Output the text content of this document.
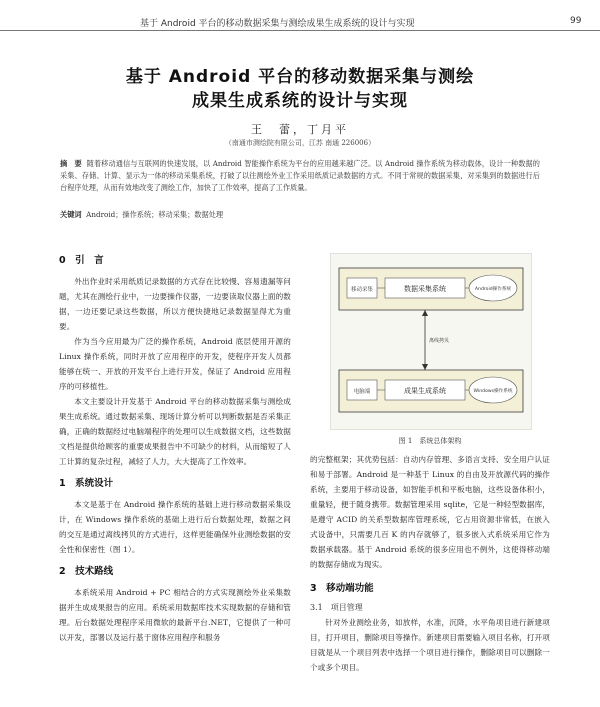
基于 Android 平台的移动数据采集与测绘成果生成系统的设计与实现	99
基于 Android 平台的移动数据采集与测绘
成果生成系统的设计与实现
王　蕾，丁月平
（南通市测绘院有限公司，江苏 南通 226006）
摘　要 随着移动通信与互联网的快速发展，以 Android 智能操作系统为平台的应用越来越广泛。以 Android 操作系统为移动载体，设计一种数据的采集、存储、计算、显示为一体的移动采集系统，打破了以往测绘外业工作采用纸质记录数据的方式。不同于常规的数据采集，对采集到的数据进行后台程序处理，从而有效地改变了测绘工作，加快了工作效率，提高了工作质量。
关键词 Android；操作系统；移动采集；数据处理
0　引　言

外出作业时采用纸质记录数据的方式存在比较慢、容易遗漏等问题，尤其在测绘行业中，一边要操作仪器，一边要读取仪器上面的数据，一边还要记录这些数据，所以方便快捷地记录数据显得尤为重要。

作为当今应用最为广泛的操作系统，Android 底层使用开源的 Linux 操作系统，同时开放了应用程序的开发，使程序开发人员都能够在统一、开放的开发平台上进行开发，保证了 Android 应用程序的可移植性。

本文主要设计开发基于 Android 平台的移动数据采集与测绘成果生成系统。通过数据采集、现场计算分析可以判断数据是否采集正确，正确的数据经过电脑端程序的处理可以生成数据文档，这些数据文档是提供给顾客的重要成果报告中不可缺少的材料，从而缩短了人工计算的复杂过程，减轻了人力，大大提高了工作效率。

1　系统设计

本文是基于在 Android 操作系统的基础上进行移动数据采集设计，在 Windows 操作系统的基础上进行后台数据处理，数据之间的交互是通过离线拷贝的方式进行，这样更能确保外业测绘数据的安全性和保密性（图 1）。

2　技术路线

本系统采用 Android + PC 相结合的方式实现测绘外业采集数据并生成成果报告的应用。系统采用数据库技术实现数据的存储和管理。后台数据处理程序采用微软的最新平台.NET，它提供了一种可以开发，部署以及运行基于窗体应用程序和服务

移动采集	数据采集系统	Android操作系统
离线拷贝
电脑端	成果生成系统	Windows操作系统
图 1　系统总体架构

的完整框架；其优势包括：自动内存管理、多语言支持、安全用户认证和易于部署。Android 是一种基于 Linux 的自由及开放源代码的操作系统，主要用于移动设备，如智能手机和平板电脑，这些设备体积小，重量轻，便于随身携带。数据管理采用 sqlite，它是一种轻型数据库，是遵守 ACID 的关系型数据库管理系统，它占用资源非常低，在嵌入式设备中，只需要几百 K 的内存就够了，很多嵌入式系统采用它作为数据承载器。基于 Android 系统的很多应用也不例外，这使得移动端的数据存储成为现实。

3　移动端功能
3.1　项目管理

针对外业测绘业务，如放样，水准，沉降，水平角项目进行新建项目，打开项目，删除项目等操作。新建项目需要输入项目名称，打开项目就是从一个项目列表中选择一个项目进行操作，删除项目可以删除一个或多个项目。
